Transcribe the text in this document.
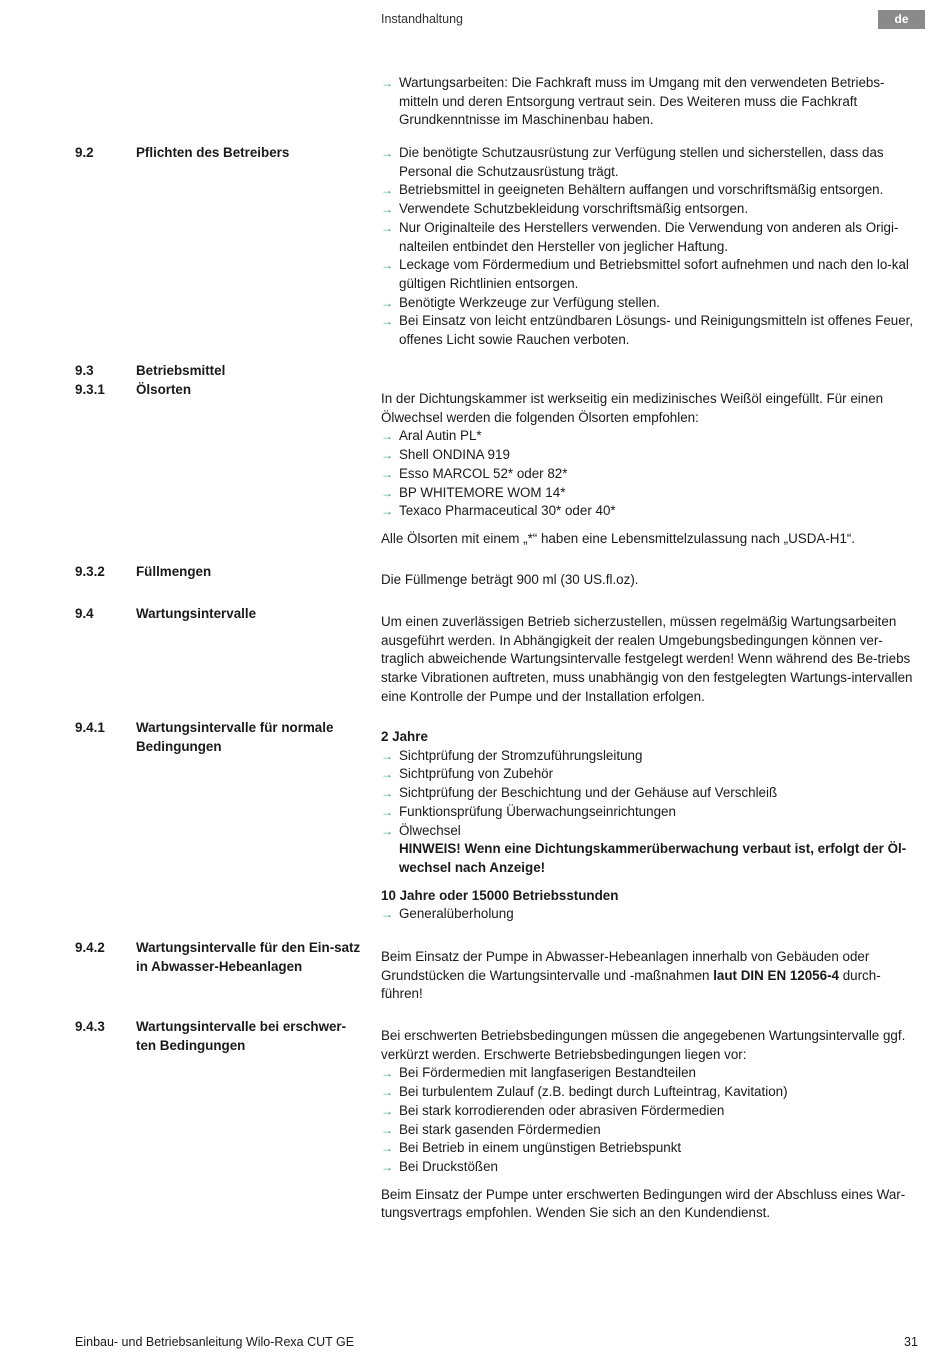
Instandhaltung	de
→ Wartungsarbeiten: Die Fachkraft muss im Umgang mit den verwendeten Betriebs-mitteln und deren Entsorgung vertraut sein. Des Weiteren muss die Fachkraft Grundkenntnisse im Maschinenbau haben.
9.2	Pflichten des Betreibers	→ Die benötigte Schutzausrüstung zur Verfügung stellen und sicherstellen, dass das Personal die Schutzausrüstung trägt.
→ Betriebsmittel in geeigneten Behältern auffangen und vorschriftsmäßig entsorgen.
→ Verwendete Schutzbekleidung vorschriftsmäßig entsorgen.
→ Nur Originalteile des Herstellers verwenden. Die Verwendung von anderen als Origi-nalteilen entbindet den Hersteller von jeglicher Haftung.
→ Leckage vom Fördermedium und Betriebsmittel sofort aufnehmen und nach den lo-kal gültigen Richtlinien entsorgen.
→ Benötigte Werkzeuge zur Verfügung stellen.
→ Bei Einsatz von leicht entzündbaren Lösungs- und Reinigungsmitteln ist offenes Feuer, offenes Licht sowie Rauchen verboten.
9.3	Betriebsmittel
9.3.1	Ölsorten

In der Dichtungskammer ist werkseitig ein medizinisches Weißöl eingefüllt. Für einen Ölwechsel werden die folgenden Ölsorten empfohlen:

→ Aral Autin PL*
→ Shell ONDINA 919
→ Esso MARCOL 52* oder 82*
→ BP WHITEMORE WOM 14*
→ Texaco Pharmaceutical 30* oder 40*

Alle Ölsorten mit einem „*“ haben eine Lebensmittelzulassung nach „USDA-H1“.

9.3.2	Füllmengen

Die Füllmenge beträgt 900 ml (30 US.fl.oz).

9.4	Wartungsintervalle

Um einen zuverlässigen Betrieb sicherzustellen, müssen regelmäßig Wartungsarbeiten ausgeführt werden. In Abhängigkeit der realen Umgebungsbedingungen können ver-traglich abweichende Wartungsintervalle festgelegt werden! Wenn während des Be-triebs starke Vibrationen auftreten, muss unabhängig von den festgelegten Wartungs-intervallen eine Kontrolle der Pumpe und der Installation erfolgen.

9.4.1	Wartungsintervalle für normale Bedingungen

2 Jahre

→ Sichtprüfung der Stromzuführungsleitung
→ Sichtprüfung von Zubehör
→ Sichtprüfung der Beschichtung und der Gehäuse auf Verschleiß
→ Funktionsprüfung Überwachungseinrichtungen
→ Ölwechsel

HINWEIS! Wenn eine Dichtungskammerüberwachung verbaut ist, erfolgt der Öl-wechsel nach Anzeige!

10 Jahre oder 15000 Betriebsstunden

→ Generalüberholung
9.4.2	Wartungsintervalle für den Ein-satz in Abwasser-Hebeanlagen

Beim Einsatz der Pumpe in Abwasser-Hebeanlagen innerhalb von Gebäuden oder Grundstücken die Wartungsintervalle und -maßnahmen laut DIN EN 12056-4 durch-führen!

9.4.3	Wartungsintervalle bei erschwer-ten Bedingungen

Bei erschwerten Betriebsbedingungen müssen die angegebenen Wartungsintervalle ggf. verkürzt werden. Erschwerte Betriebsbedingungen liegen vor:

→ Bei Fördermedien mit langfaserigen Bestandteilen
→ Bei turbulentem Zulauf (z.B. bedingt durch Lufteintrag, Kavitation)
→ Bei stark korrodierenden oder abrasiven Fördermedien
→ Bei stark gasenden Fördermedien
→ Bei Betrieb in einem ungünstigen Betriebspunkt
→ Bei Druckstößen

Beim Einsatz der Pumpe unter erschwerten Bedingungen wird der Abschluss eines War-tungsvertrags empfohlen. Wenden Sie sich an den Kundendienst.

Einbau- und Betriebsanleitung Wilo-Rexa CUT GE	31
